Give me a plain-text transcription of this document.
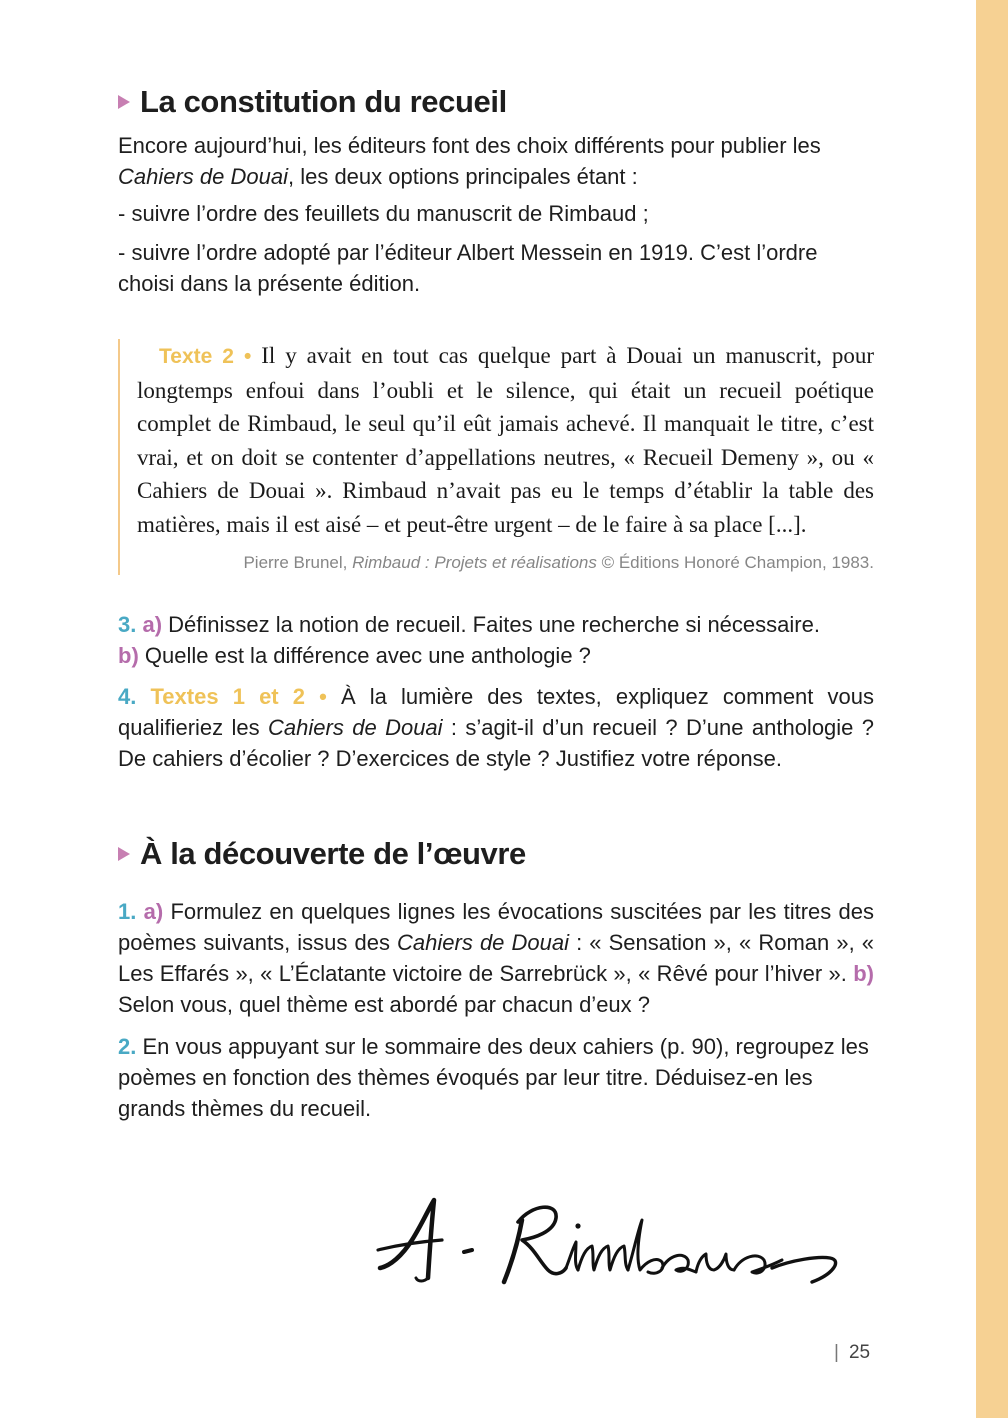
La constitution du recueil

Encore aujourd’hui, les éditeurs font des choix différents pour publier les Cahiers de Douai, les deux options principales étant :

- suivre l’ordre des feuillets du manuscrit de Rimbaud ;

- suivre l’ordre adopté par l’éditeur Albert Messein en 1919. C’est l’ordre choisi dans la présente édition.

Texte 2 • Il y avait en tout cas quelque part à Douai un manuscrit, pour longtemps enfoui dans l’oubli et le silence, qui était un recueil poétique complet de Rimbaud, le seul qu’il eût jamais achevé. Il manquait le titre, c’est vrai, et on doit se contenter d’appellations neutres, « Recueil Demeny », ou « Cahiers de Douai ». Rimbaud n’avait pas eu le temps d’établir la table des matières, mais il est aisé – et peut-être urgent – de le faire à sa place [...].
Pierre Brunel, Rimbaud : Projets et réalisations © Éditions Honoré Champion, 1983.

3. a) Définissez la notion de recueil. Faites une recherche si nécessaire.
b) Quelle est la différence avec une anthologie ?

4. Textes 1 et 2 • À la lumière des textes, expliquez comment vous qualifieriez les Cahiers de Douai : s’agit-il d’un recueil ? D’une anthologie ? De cahiers d’écolier ? D’exercices de style ? Justifiez votre réponse.

À la découverte de l’œuvre

1. a) Formulez en quelques lignes les évocations suscitées par les titres des poèmes suivants, issus des Cahiers de Douai : « Sensation », « Roman », « Les Effarés », « L’Éclatante victoire de Sarrebrück », « Rêvé pour l’hiver ». b) Selon vous, quel thème est abordé par chacun d’eux ?

2. En vous appuyant sur le sommaire des deux cahiers (p. 90), regroupez les poèmes en fonction des thèmes évoqués par leur titre. Déduisez-en les grands thèmes du recueil.

| 25
